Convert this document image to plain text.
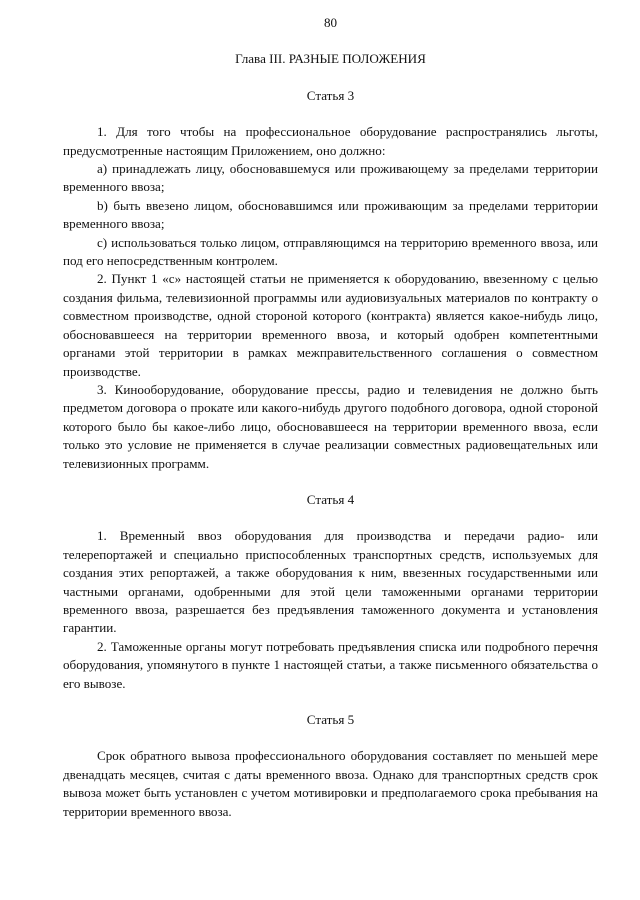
80
Глава III. РАЗНЫЕ ПОЛОЖЕНИЯ
Статья 3

1. Для того чтобы на профессиональное оборудование распространялись льготы, предусмотренные настоящим Приложением, оно должно:

a) принадлежать лицу, обосновавшемуся или проживающему за пределами территории временного ввоза;

b) быть ввезено лицом, обосновавшимся или проживающим за пределами территории временного ввоза;

c) использоваться только лицом, отправляющимся на территорию временного ввоза, или под его непосредственным контролем.

2. Пункт 1 «c» настоящей статьи не применяется к оборудованию, ввезенному с целью создания фильма, телевизионной программы или аудиовизуальных материалов по контракту о совместном производстве, одной стороной которого (контракта) является какое-нибудь лицо, обосновавшееся на территории временного ввоза, и который одобрен компетентными органами этой территории в рамках межправительственного соглашения о совместном производстве.

3. Кинооборудование, оборудование прессы, радио и телевидения не должно быть предметом договора о прокате или какого-нибудь другого подобного договора, одной стороной которого было бы какое-либо лицо, обосновавшееся на территории временного ввоза, если только это условие не применяется в случае реализации совместных радиовещательных или телевизионных программ.

Статья 4

1. Временный ввоз оборудования для производства и передачи радио- или телерепортажей и специально приспособленных транспортных средств, используемых для создания этих репортажей, а также оборудования к ним, ввезенных государственными или частными органами, одобренными для этой цели таможенными органами территории временного ввоза, разрешается без предъявления таможенного документа и установления гарантии.

2. Таможенные органы могут потребовать предъявления списка или подробного перечня оборудования, упомянутого в пункте 1 настоящей статьи, а также письменного обязательства о его вывозе.

Статья 5

Срок обратного вывоза профессионального оборудования составляет по меньшей мере двенадцать месяцев, считая с даты временного ввоза. Однако для транспортных средств срок вывоза может быть установлен с учетом мотивировки и предполагаемого срока пребывания на территории временного ввоза.
